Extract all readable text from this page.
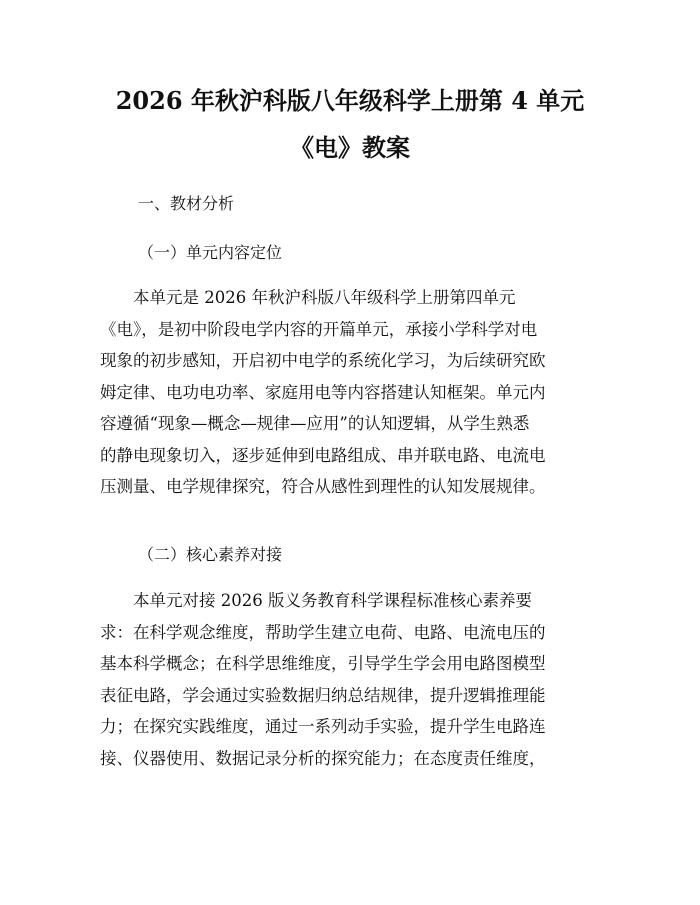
2026 年秋沪科版八年级科学上册第 4 单元
《电》教案
一、教材分析
（一）单元内容定位
　　本单元是 2026 年秋沪科版八年级科学上册第四单元
《电》，是初中阶段电学内容的开篇单元，承接小学科学对电
现象的初步感知，开启初中电学的系统化学习，为后续研究欧
姆定律、电功电功率、家庭用电等内容搭建认知框架。单元内
容遵循“现象—概念—规律—应用”的认知逻辑，从学生熟悉
的静电现象切入，逐步延伸到电路组成、串并联电路、电流电
压测量、电学规律探究，符合从感性到理性的认知发展规律。
（二）核心素养对接
　　本单元对接 2026 版义务教育科学课程标准核心素养要
求：在科学观念维度，帮助学生建立电荷、电路、电流电压的
基本科学概念；在科学思维维度，引导学生学会用电路图模型
表征电路，学会通过实验数据归纳总结规律，提升逻辑推理能
力；在探究实践维度，通过一系列动手实验，提升学生电路连
接、仪器使用、数据记录分析的探究能力；在态度责任维度，
